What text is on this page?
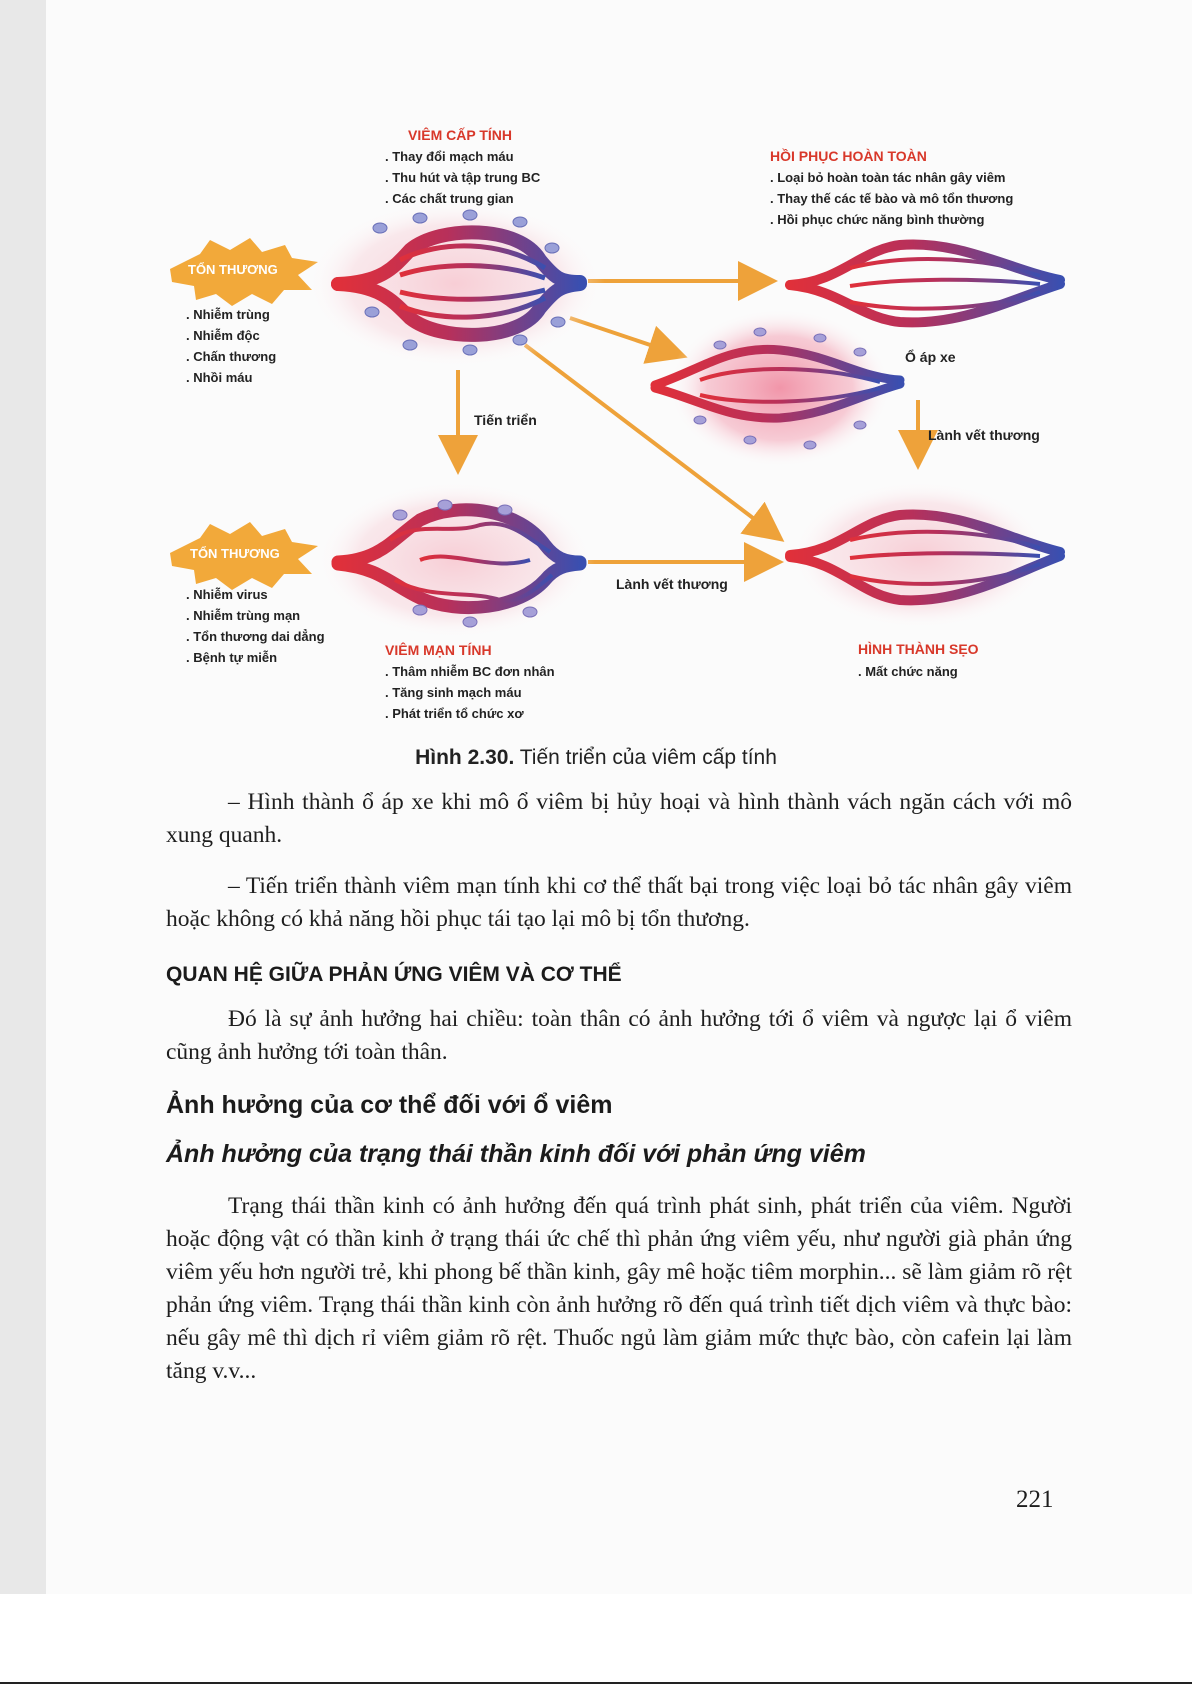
VIÊM CẤP TÍNH
. Thay đổi mạch máu
. Thu hút và tập trung BC
. Các chất trung gian
TỔN THƯƠNG
. Nhiễm trùng
. Nhiễm độc
. Chấn thương
. Nhồi máu
HỒI PHỤC HOÀN TOÀN
. Loại bỏ hoàn toàn tác nhân gây viêm
. Thay thế các tế bào và mô tổn thương
. Hồi phục chức năng bình thường
Ổ áp xe
Tiến triển
Lành vết thương
TỔN THƯƠNG
. Nhiễm virus
. Nhiễm trùng mạn
. Tổn thương dai dẳng
. Bệnh tự miễn
Lành vết thương
VIÊM MẠN TÍNH
. Thâm nhiễm BC đơn nhân
. Tăng sinh mạch máu
. Phát triển tổ chức xơ
HÌNH THÀNH SẸO
. Mất chức năng
Hình 2.30. Tiến triển của viêm cấp tính
– Hình thành ổ áp xe khi mô ổ viêm bị hủy hoại và hình thành vách ngăn cách với mô xung quanh.
– Tiến triển thành viêm mạn tính khi cơ thể thất bại trong việc loại bỏ tác nhân gây viêm hoặc không có khả năng hồi phục tái tạo lại mô bị tổn thương.
QUAN HỆ GIỮA PHẢN ỨNG VIÊM VÀ CƠ THỂ
Đó là sự ảnh hưởng hai chiều: toàn thân có ảnh hưởng tới ổ viêm và ngược lại ổ viêm cũng ảnh hưởng tới toàn thân.
Ảnh hưởng của cơ thể đối với ổ viêm
Ảnh hưởng của trạng thái thần kinh đối với phản ứng viêm
Trạng thái thần kinh có ảnh hưởng đến quá trình phát sinh, phát triển của viêm. Người hoặc động vật có thần kinh ở trạng thái ức chế thì phản ứng viêm yếu, như người già phản ứng viêm yếu hơn người trẻ, khi phong bế thần kinh, gây mê hoặc tiêm morphin... sẽ làm giảm rõ rệt phản ứng viêm. Trạng thái thần kinh còn ảnh hưởng rõ đến quá trình tiết dịch viêm và thực bào: nếu gây mê thì dịch rỉ viêm giảm rõ rệt. Thuốc ngủ làm giảm mức thực bào, còn cafein lại làm tăng v.v...
221
